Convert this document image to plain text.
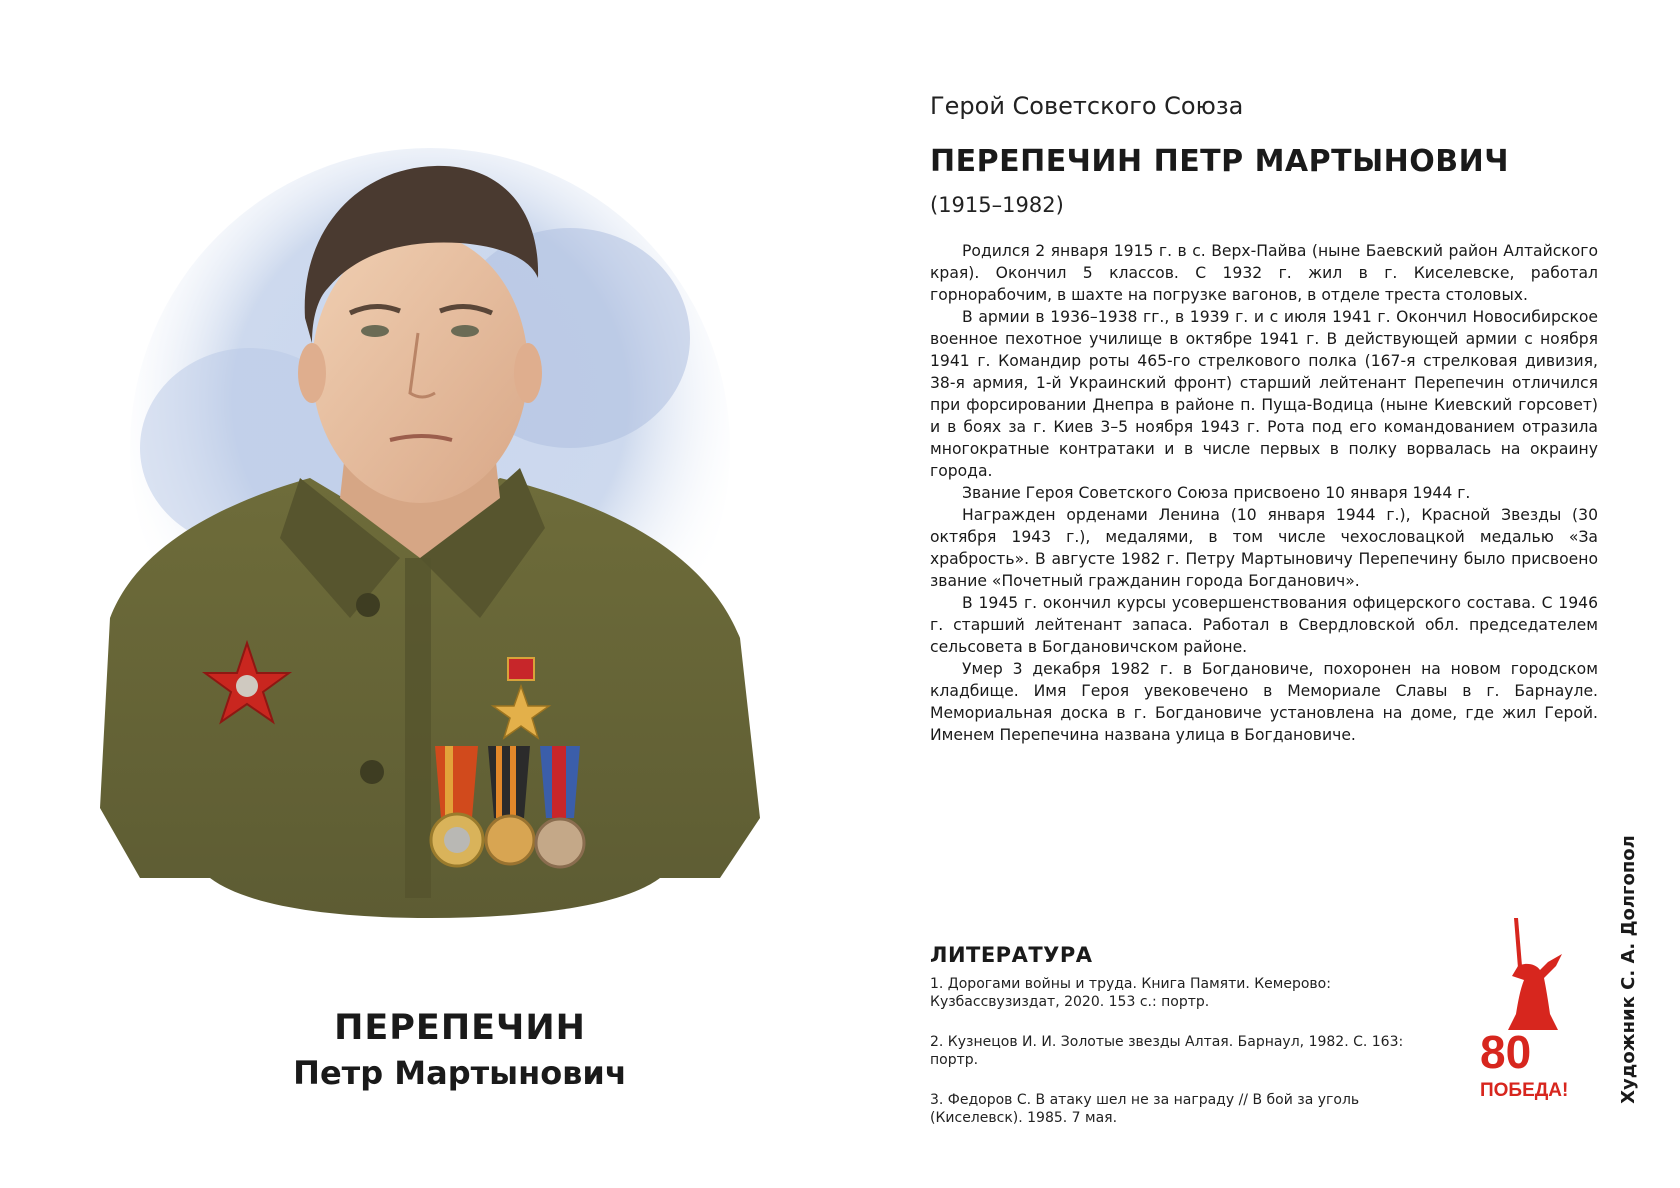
ПЕРЕПЕЧИН
Петр Мартынович
Герой Советского Союза
ПЕРЕПЕЧИН ПЕТР МАРТЫНОВИЧ
(1915–1982)

Родился 2 января 1915 г. в с. Верх-Пайва (ныне Баевский район Алтайского края). Окончил 5 классов. С 1932 г. жил в г. Киселевске, работал горнорабочим, в шахте на погрузке вагонов, в отделе треста столовых.

В армии в 1936–1938 гг., в 1939 г. и с июля 1941 г. Окончил Новосибирское военное пехотное училище в октябре 1941 г. В действующей армии с ноября 1941 г. Командир роты 465-го стрелкового полка (167-я стрелковая дивизия, 38-я армия, 1-й Украинский фронт) старший лейтенант Перепечин отличился при форсировании Днепра в районе п. Пуща-Водица (ныне Киевский горсовет) и в боях за г. Киев 3–5 ноября 1943 г. Рота под его командованием отразила многократные контратаки и в числе первых в полку ворвалась на окраину города.

Звание Героя Советского Союза присвоено 10 января 1944 г.

Награжден орденами Ленина (10 января 1944 г.), Красной Звезды (30 октября 1943 г.), медалями, в том числе чехословацкой медалью «За храбрость». В августе 1982 г. Петру Мартыновичу Перепечину было присвоено звание «Почетный гражданин города Богданович».

В 1945 г. окончил курсы усовершенствования офицерского состава. С 1946 г. старший лейтенант запаса. Работал в Свердловской обл. председателем сельсовета в Богдановичском районе.

Умер 3 декабря 1982 г. в Богдановиче, похоронен на новом городском кладбище. Имя Героя увековечено в Мемориале Славы в г. Барнауле. Мемориальная доска в г. Богдановиче установлена на доме, где жил Герой. Именем Перепечина названа улица в Богдановиче.

ЛИТЕРАТУРА
1. Дорогами войны и труда. Книга Памяти. Кемерово: Кузбассвузиздат, 2020. 153 с.: портр.
2. Кузнецов И. И. Золотые звезды Алтая. Барнаул, 1982. С. 163: портр.
3. Федоров С. В атаку шел не за награду // В бой за уголь (Киселевск). 1985. 7 мая.
80
ПОБЕДА!	Художник С. А. Долгопол
